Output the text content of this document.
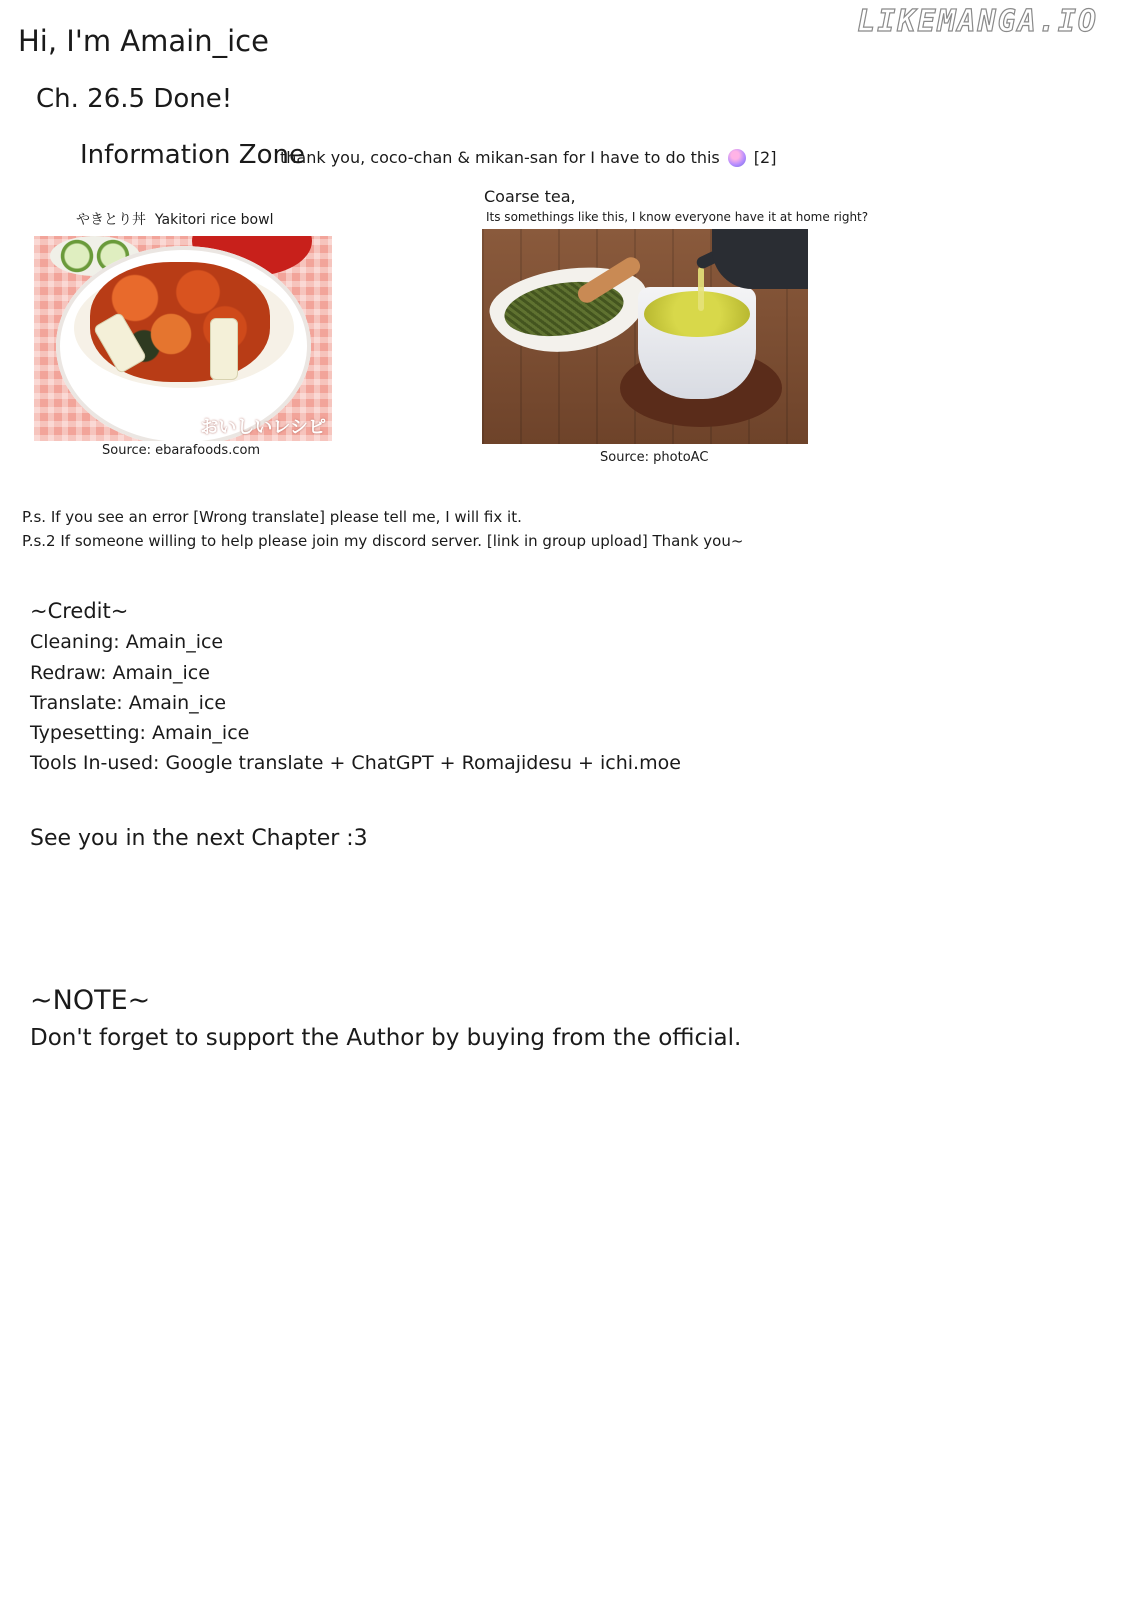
LIKEMANGA.IO
Hi, I'm Amain_ice
Ch. 26.5 Done!
Information Zone
thank you, coco-chan & mikan-san for I have to do this [2]
やきとり丼 Yakitori rice bowl
おいしいレシピ
Source: ebarafoods.com
Coarse tea,
Its somethings like this, I know everyone have it at home right?
Source: photoAC
P.s. If you see an error [Wrong translate] please tell me, I will fix it.
P.s.2 If someone willing to help please join my discord server. [link in group upload] Thank you~
~Credit~
Cleaning: Amain_ice
Redraw: Amain_ice
Translate: Amain_ice
Typesetting: Amain_ice
Tools In-used: Google translate + ChatGPT + Romajidesu + ichi.moe
See you in the next Chapter :3
~NOTE~
Don't forget to support the Author by buying from the official.
